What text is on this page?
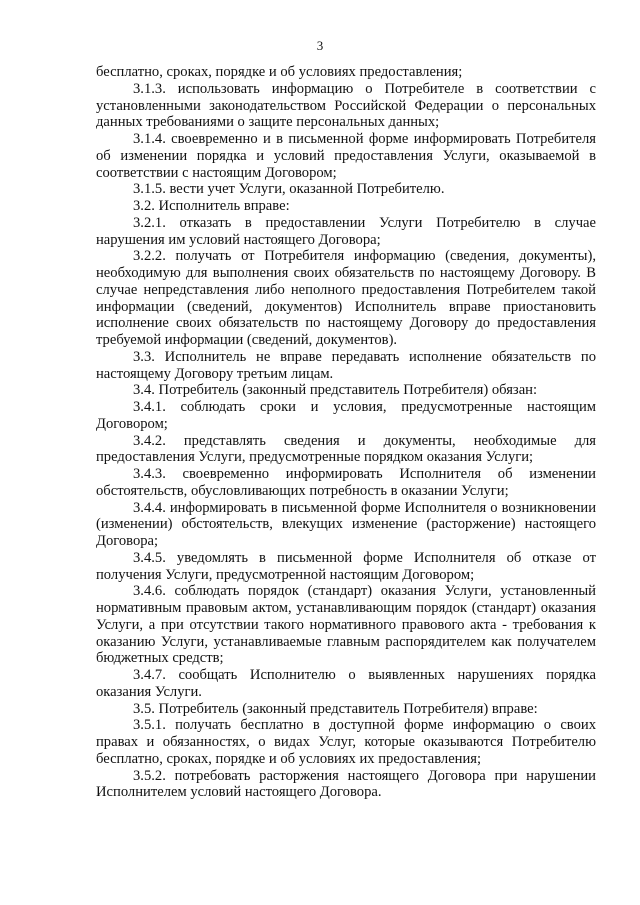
3

бесплатно, сроках, порядке и об условиях предоставления;

3.1.3. использовать информацию о Потребителе в соответствии с установленными законодательством Российской Федерации о персональных данных требованиями о защите персональных данных;

3.1.4. своевременно и в письменной форме информировать Потребителя об изменении порядка и условий предоставления Услуги, оказываемой в соответствии с настоящим Договором;

3.1.5. вести учет Услуги, оказанной Потребителю.

3.2. Исполнитель вправе:

3.2.1. отказать в предоставлении Услуги Потребителю в случае нарушения им условий настоящего Договора;

3.2.2. получать от Потребителя информацию (сведения, документы), необходимую для выполнения своих обязательств по настоящему Договору. В случае непредставления либо неполного предоставления Потребителем такой информации (сведений, документов) Исполнитель вправе приостановить исполнение своих обязательств по настоящему Договору до предоставления требуемой информации (сведений, документов).

3.3. Исполнитель не вправе передавать исполнение обязательств по настоящему Договору третьим лицам.

3.4. Потребитель (законный представитель Потребителя) обязан:

3.4.1. соблюдать сроки и условия, предусмотренные настоящим Договором;

3.4.2. представлять сведения и документы, необходимые для предоставления Услуги, предусмотренные порядком оказания Услуги;

3.4.3. своевременно информировать Исполнителя об изменении обстоятельств, обусловливающих потребность в оказании Услуги;

3.4.4. информировать в письменной форме Исполнителя о возникновении (изменении) обстоятельств, влекущих изменение (расторжение) настоящего Договора;

3.4.5. уведомлять в письменной форме Исполнителя об отказе от получения Услуги, предусмотренной настоящим Договором;

3.4.6. соблюдать порядок (стандарт) оказания Услуги, установленный нормативным правовым актом, устанавливающим порядок (стандарт) оказания Услуги, а при отсутствии такого нормативного правового акта - требования к оказанию Услуги, устанавливаемые главным распорядителем как получателем бюджетных средств;

3.4.7. сообщать Исполнителю о выявленных нарушениях порядка оказания Услуги.

3.5. Потребитель (законный представитель Потребителя) вправе:

3.5.1. получать бесплатно в доступной форме информацию о своих правах и обязанностях, о видах Услуг, которые оказываются Потребителю бесплатно, сроках, порядке и об условиях их предоставления;

3.5.2. потребовать расторжения настоящего Договора при нарушении Исполнителем условий настоящего Договора.
